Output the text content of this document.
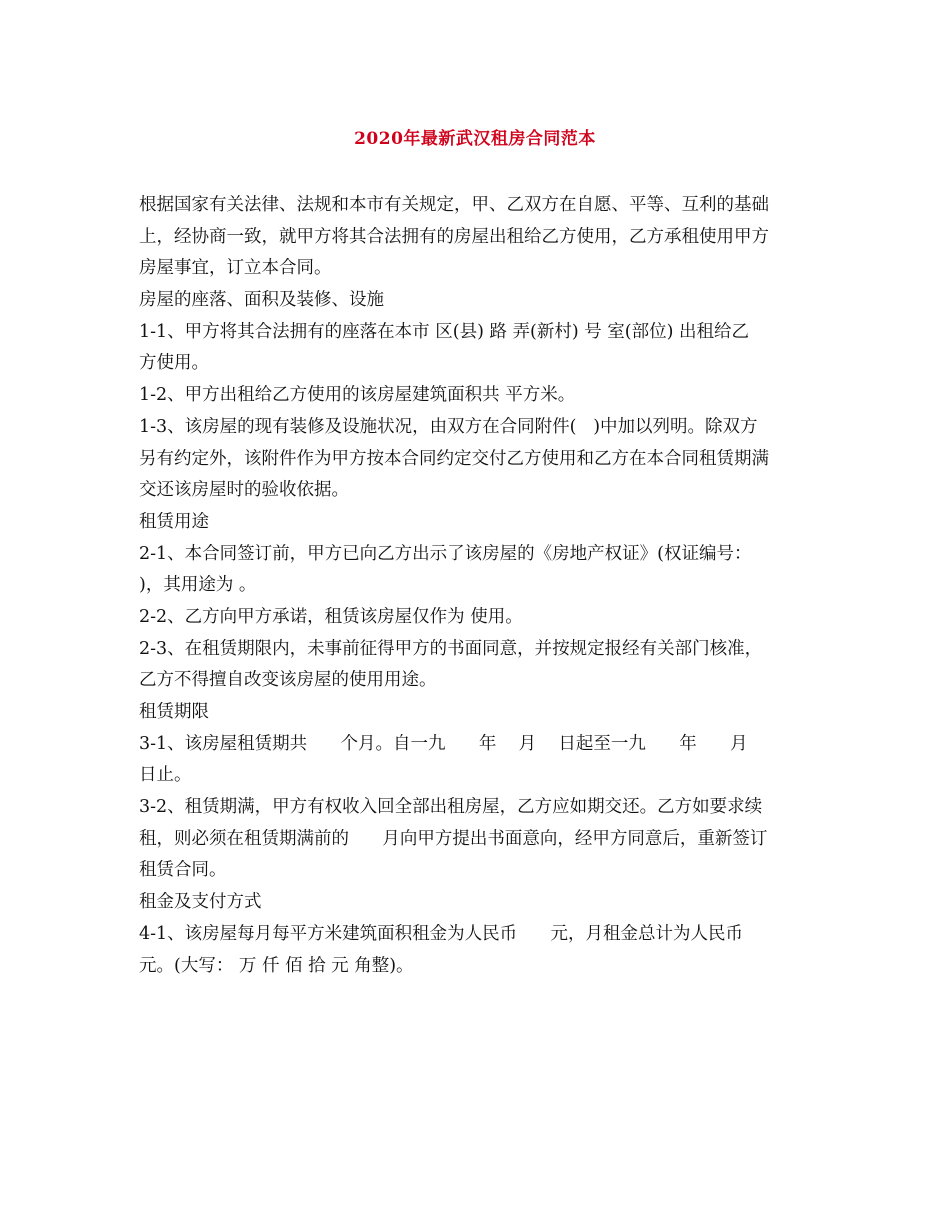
2020年最新武汉租房合同范本
根据国家有关法律、法规和本市有关规定，甲、乙双方在自愿、平等、互利的基础
上，经协商一致，就甲方将其合法拥有的房屋出租给乙方使用，乙方承租使用甲方
房屋事宜，订立本合同。
房屋的座落、面积及装修、设施
1-1、甲方将其合法拥有的座落在本市 区(县) 路 弄(新村) 号 室(部位) 出租给乙
方使用。
1-2、甲方出租给乙方使用的该房屋建筑面积共 平方米。
1-3、该房屋的现有装修及设施状况，由双方在合同附件(   )中加以列明。除双方
另有约定外，该附件作为甲方按本合同约定交付乙方使用和乙方在本合同租赁期满
交还该房屋时的验收依据。
租赁用途
2-1、本合同签订前，甲方已向乙方出示了该房屋的《房地产权证》(权证编号：
)，其用途为 。
2-2、乙方向甲方承诺，租赁该房屋仅作为 使用。
2-3、在租赁期限内，未事前征得甲方的书面同意，并按规定报经有关部门核准，
乙方不得擅自改变该房屋的使用用途。
租赁期限
3-1、该房屋租赁期共      个月。自一九      年    月    日起至一九      年      月
日止。
3-2、租赁期满，甲方有权收入回全部出租房屋，乙方应如期交还。乙方如要求续
租，则必须在租赁期满前的      月向甲方提出书面意向，经甲方同意后，重新签订
租赁合同。
租金及支付方式
4-1、该房屋每月每平方米建筑面积租金为人民币      元，月租金总计为人民币
元。(大写： 万 仟 佰 拾 元 角整)。
